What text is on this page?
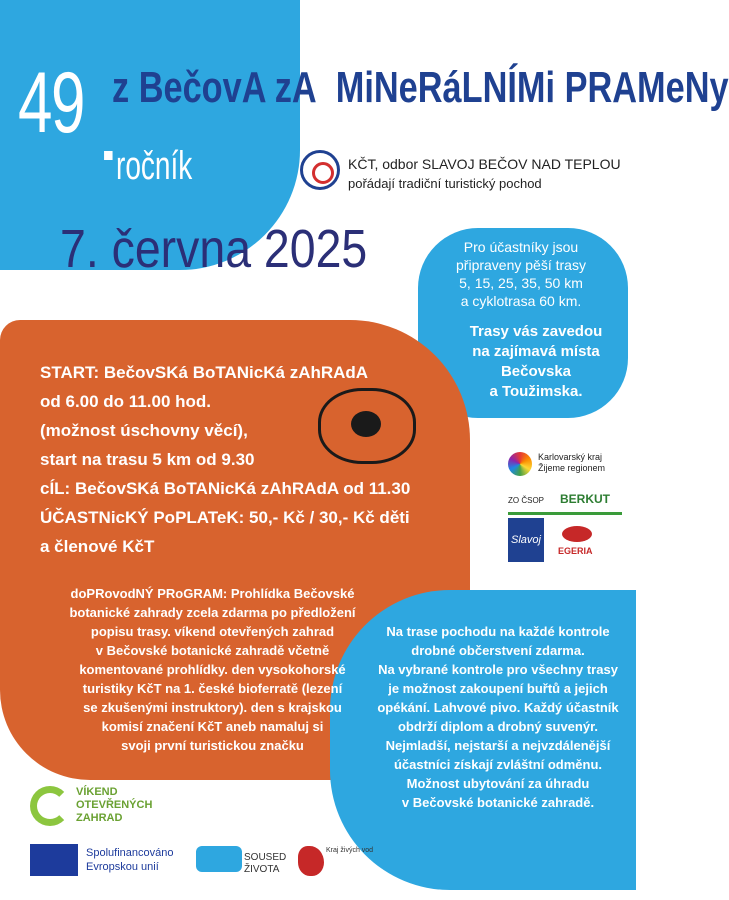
49 . ročník
z BečovA zA MiNeRáLNÍMi PRAMeNy
7. června 2025
KČT, odbor SLAVOJ BEČOV NAD TEPLOU
pořádají tradiční turistický pochod
Pro účastníky jsou
připraveny pěší trasy
5, 15, 25, 35, 50 km
a cyklotrasa 60 km.
Trasy vás zavedou
na zajímavá místa
Bečovska
a Toužimska.
START: BečovSKá BoTANicKá zAhRAdA
od 6.00 do 11.00 hod.
(možnost úschovny věcí),
start na trasu 5 km od 9.30
cÍL: BečovSKá BoTANicKá zAhRAdA od 11.30
ÚČASTNicKÝ PoPLATeK: 50,- Kč / 30,- Kč děti
a členové KčT
doPRovodNÝ PRoGRAM: Prohlídka Bečovské
botanické zahrady zcela zdarma po předložení
popisu trasy. víkend otevřených zahrad
v Bečovské botanické zahradě včetně
komentované prohlídky. den vysokohorské
turistiky KčT na 1. české bioferratě (lezení
se zkušenými instruktory). den s krajskou
komisí značení KčT aneb namaluj si
svoji první turistickou značku
Na trase pochodu na každé kontrole
drobné občerstvení zdarma.
Na vybrané kontrole pro všechny trasy
je možnost zakoupení buřtů a jejich
opékání. Lahvové pivo. Každý účastník
obdrží diplom a drobný suvenýr.
Nejmladší, nejstarší a nejvzdálenější
účastníci získají zvláštní odměnu.
Možnost ubytování za úhradu
v Bečovské botanické zahradě.
Karlovarský kraj
Žijeme regionem
ZO ČSOP BERKUT
Slavoj
EGERIA
VÍKEND
OTEVŘENÝCH
ZAHRAD
Spolufinancováno
Evropskou unií
SOUSED
ŽIVOTA
Kraj živých vod
